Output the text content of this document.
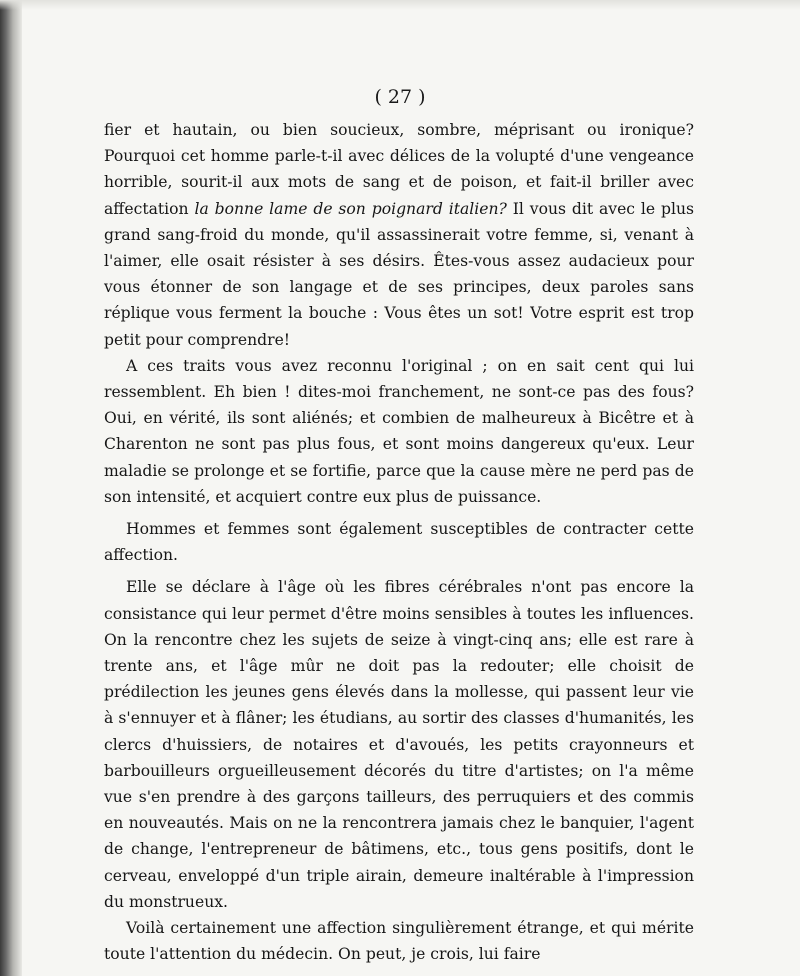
( 27 )

fier et hautain, ou bien soucieux, sombre, méprisant ou ironique? Pourquoi cet homme parle-t-il avec délices de la volupté d'une vengeance horrible, sourit-il aux mots de sang et de poison, et fait-il briller avec affectation la bonne lame de son poignard italien? Il vous dit avec le plus grand sang-froid du monde, qu'il assassinerait votre femme, si, venant à l'aimer, elle osait résister à ses désirs. Êtes-vous assez audacieux pour vous étonner de son langage et de ses principes, deux paroles sans réplique vous ferment la bouche : Vous êtes un sot! Votre esprit est trop petit pour comprendre!

A ces traits vous avez reconnu l'original ; on en sait cent qui lui ressemblent. Eh bien ! dites-moi franchement, ne sont-ce pas des fous? Oui, en vérité, ils sont aliénés; et combien de malheureux à Bicêtre et à Charenton ne sont pas plus fous, et sont moins dangereux qu'eux. Leur maladie se prolonge et se fortifie, parce que la cause mère ne perd pas de son intensité, et acquiert contre eux plus de puissance.

Hommes et femmes sont également susceptibles de contracter cette affection.

Elle se déclare à l'âge où les fibres cérébrales n'ont pas encore la consistance qui leur permet d'être moins sensibles à toutes les influences. On la rencontre chez les sujets de seize à vingt-cinq ans; elle est rare à trente ans, et l'âge mûr ne doit pas la redouter; elle choisit de prédilection les jeunes gens élevés dans la mollesse, qui passent leur vie à s'ennuyer et à flâner; les étudians, au sortir des classes d'humanités, les clercs d'huissiers, de notaires et d'avoués, les petits crayonneurs et barbouilleurs orgueilleusement décorés du titre d'artistes; on l'a même vue s'en prendre à des garçons tailleurs, des perruquiers et des commis en nouveautés. Mais on ne la rencontrera jamais chez le banquier, l'agent de change, l'entrepreneur de bâtimens, etc., tous gens positifs, dont le cerveau, enveloppé d'un triple airain, demeure inaltérable à l'impression du monstrueux.

Voilà certainement une affection singulièrement étrange, et qui mérite toute l'attention du médecin. On peut, je crois, lui faire
